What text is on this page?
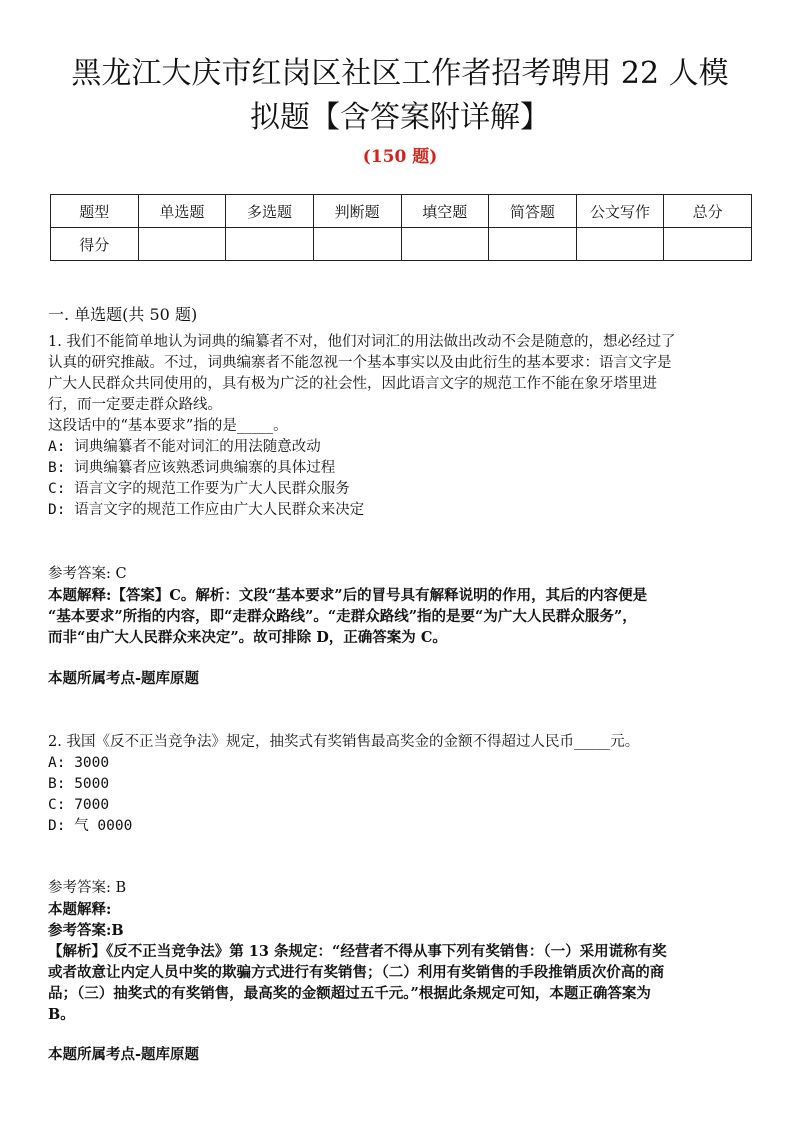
黑龙江大庆市红岗区社区工作者招考聘用 22 人模
拟题【含答案附详解】
(150 题)
题型	单选题	多选题	判断题	填空题	简答题	公文写作	总分
得分							
一. 单选题(共 50 题)

1. 我们不能简单地认为词典的编纂者不对，他们对词汇的用法做出改动不会是随意的，想必经过了

认真的研究推敲。不过，词典编寨者不能忽视一个基本事实以及由此衍生的基本要求：语言文字是

广大人民群众共同使用的，具有极为广泛的社会性，因此语言文字的规范工作不能在象牙塔里进

行，而一定要走群众路线。

这段话中的“基本要求”指的是_____。

A: 词典编纂者不能对词汇的用法随意改动

B: 词典编纂者应该熟悉词典编寨的具体过程

C: 语言文字的规范工作要为广大人民群众服务

D: 语言文字的规范工作应由广大人民群众来决定

参考答案: C

本题解释:【答案】C。解析：文段“基本要求”后的冒号具有解释说明的作用，其后的内容便是

“基本要求”所指的内容，即“走群众路线”。“走群众路线”指的是要“为广大人民群众服务”，

而非“由广大人民群众来决定”。故可排除 D，正确答案为 C。

本题所属考点-题库原题

2. 我国《反不正当竞争法》规定，抽奖式有奖销售最高奖金的金额不得超过人民币_____元。

A: 3000

B: 5000

C: 7000

D: 气 0000

参考答案: B

本题解释:

参考答案:B

【解析】《反不正当竞争法》第 13 条规定：“经营者不得从事下列有奖销售：（一）采用谎称有奖

或者故意让内定人员中奖的欺骗方式进行有奖销售；（二）利用有奖销售的手段推销质次价高的商

品；（三）抽奖式的有奖销售，最高奖的金额超过五千元。”根据此条规定可知，本题正确答案为

B。

本题所属考点-题库原题
